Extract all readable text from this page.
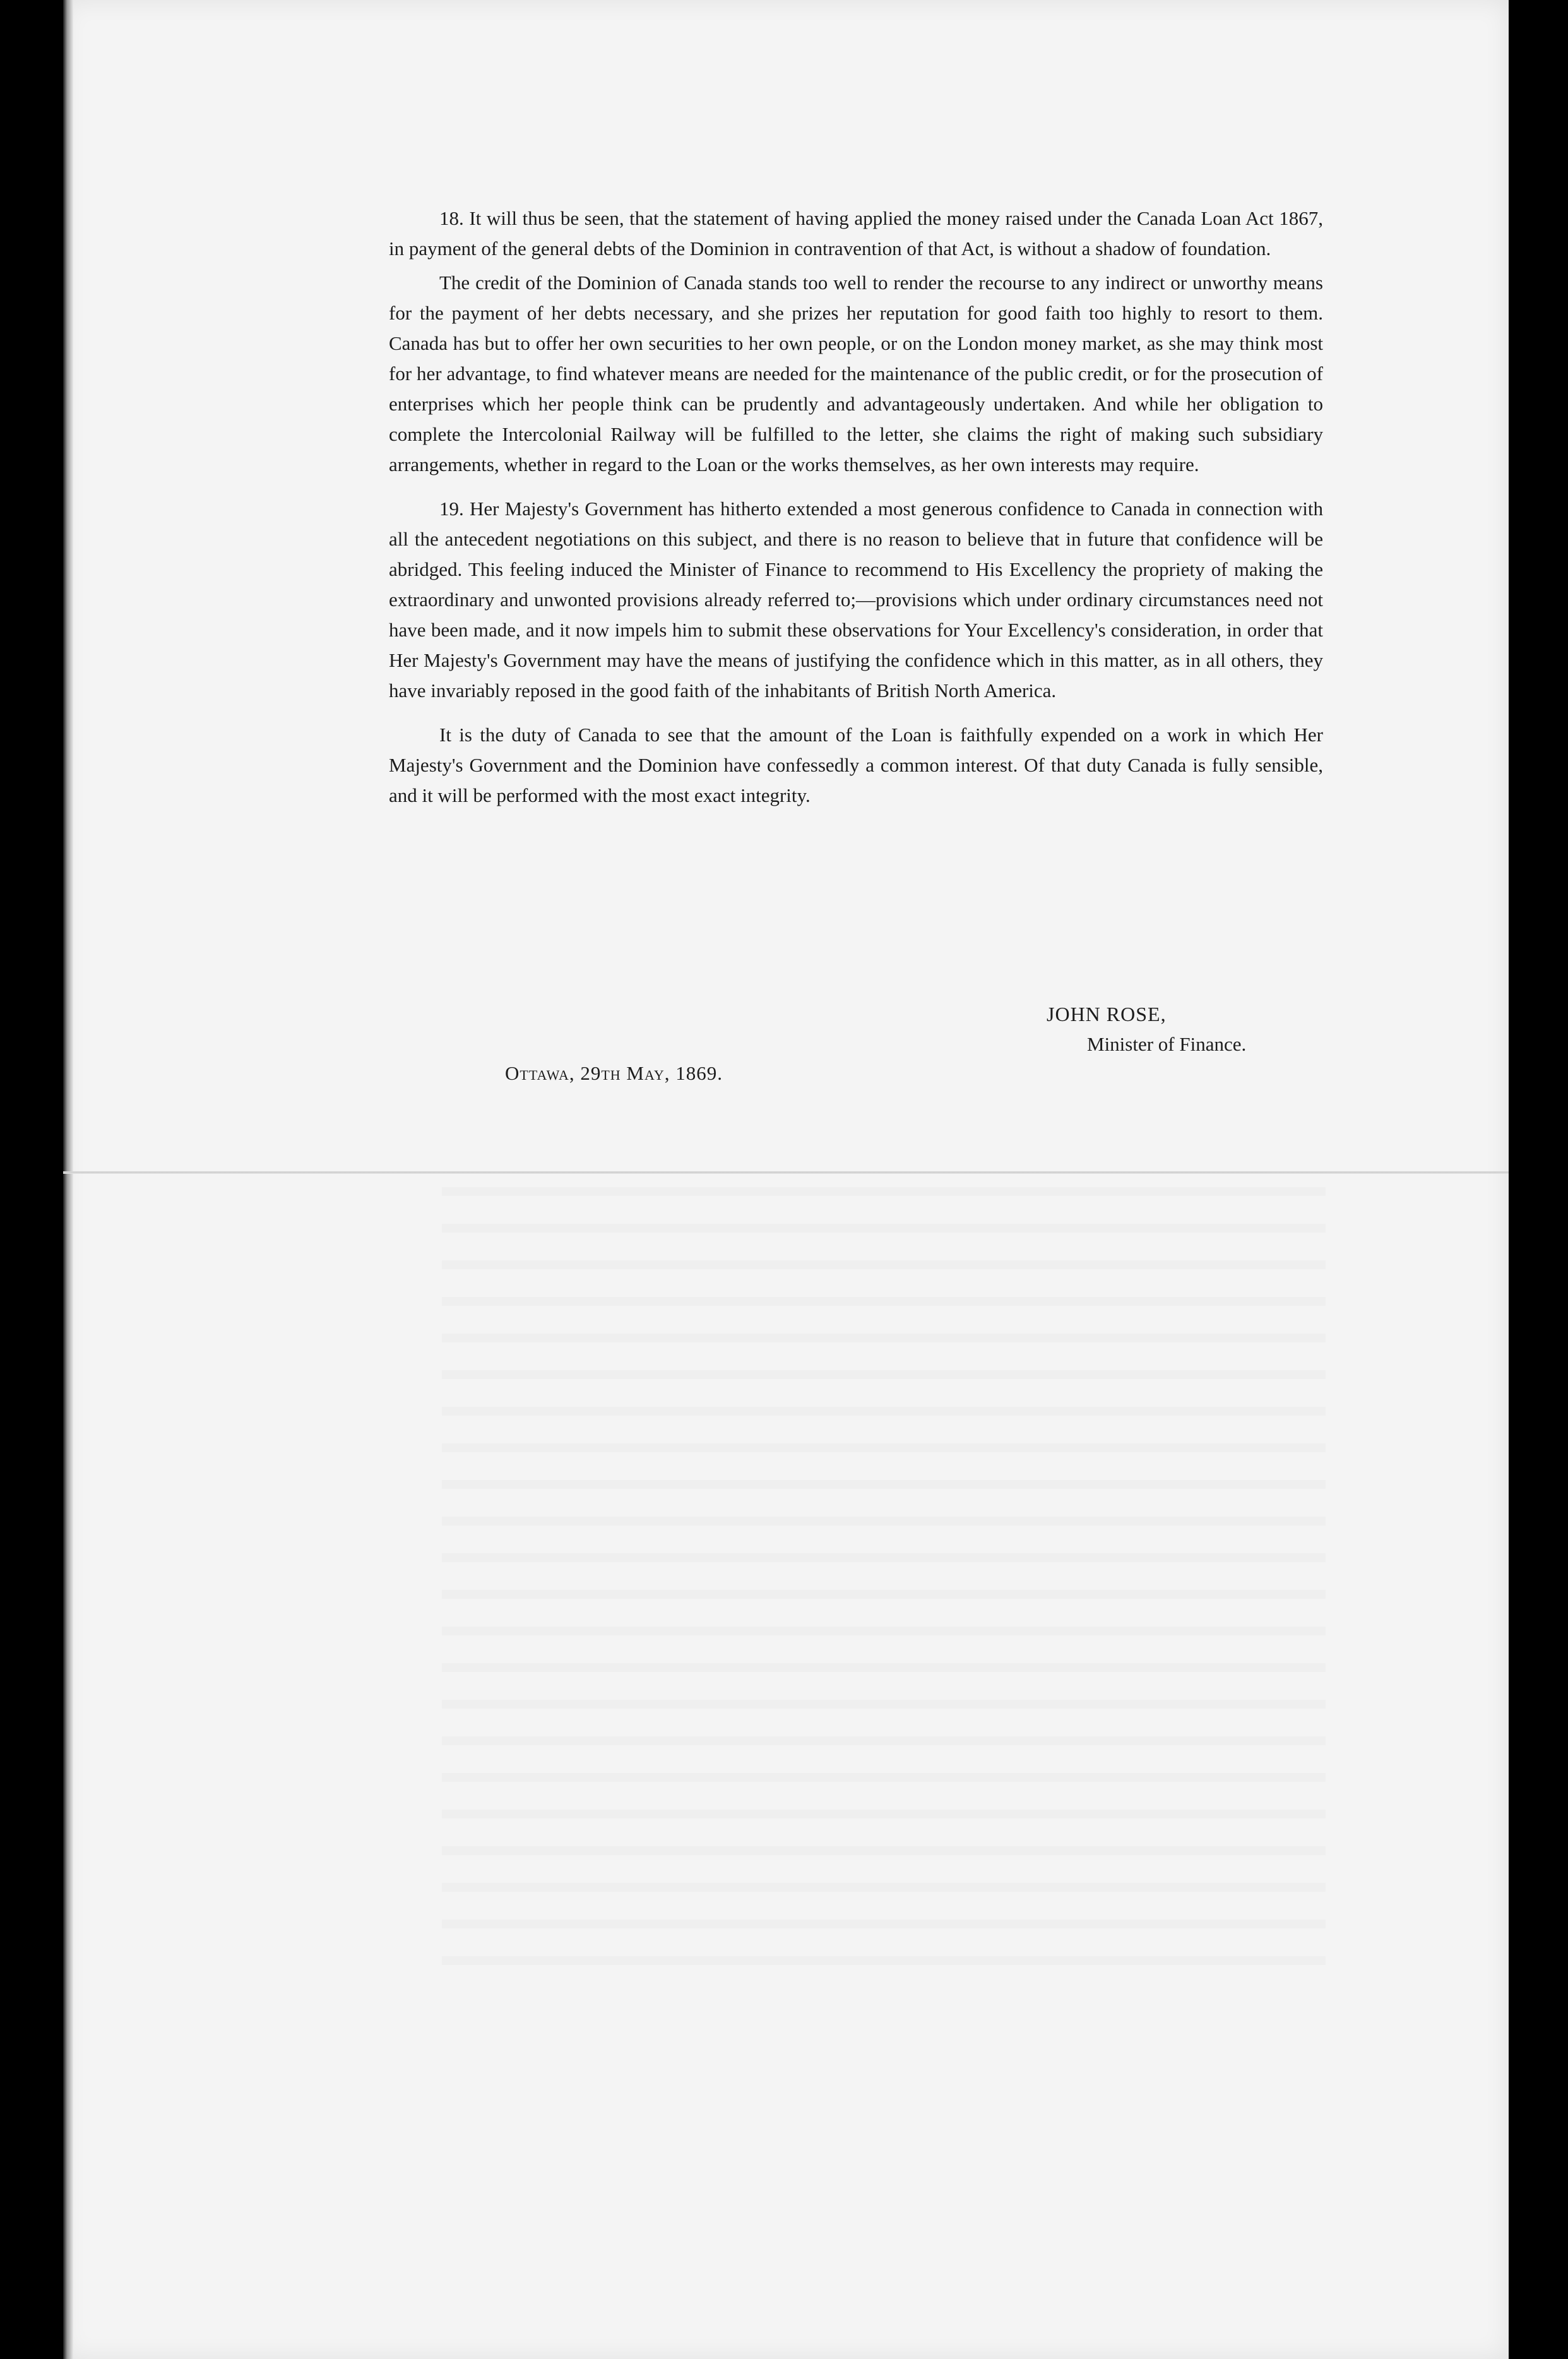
18. It will thus be seen, that the statement of having applied the money raised under the Canada Loan Act 1867, in payment of the general debts of the Dominion in contravention of that Act, is without a shadow of foundation.

The credit of the Dominion of Canada stands too well to render the recourse to any indirect or unworthy means for the payment of her debts necessary, and she prizes her reputation for good faith too highly to resort to them. Canada has but to offer her own securities to her own people, or on the London money market, as she may think most for her advantage, to find whatever means are needed for the maintenance of the public credit, or for the prosecution of enterprises which her people think can be prudently and advantageously undertaken. And while her obligation to complete the Intercolonial Railway will be fulfilled to the letter, she claims the right of making such subsidiary arrangements, whether in regard to the Loan or the works themselves, as her own interests may require.

19. Her Majesty's Government has hitherto extended a most generous confidence to Canada in connection with all the antecedent negotiations on this subject, and there is no reason to believe that in future that confidence will be abridged. This feeling induced the Minister of Finance to recommend to His Excellency the propriety of making the extraordinary and unwonted provisions already referred to;—provisions which under ordinary circumstances need not have been made, and it now impels him to submit these observations for Your Excellency's consideration, in order that Her Majesty's Government may have the means of justifying the confidence which in this matter, as in all others, they have invariably reposed in the good faith of the inhabitants of British North America.

It is the duty of Canada to see that the amount of the Loan is faithfully expended on a work in which Her Majesty's Government and the Dominion have confessedly a common interest. Of that duty Canada is fully sensible, and it will be performed with the most exact integrity.

JOHN ROSE,
Minister of Finance.
Ottawa, 29th May, 1869.
